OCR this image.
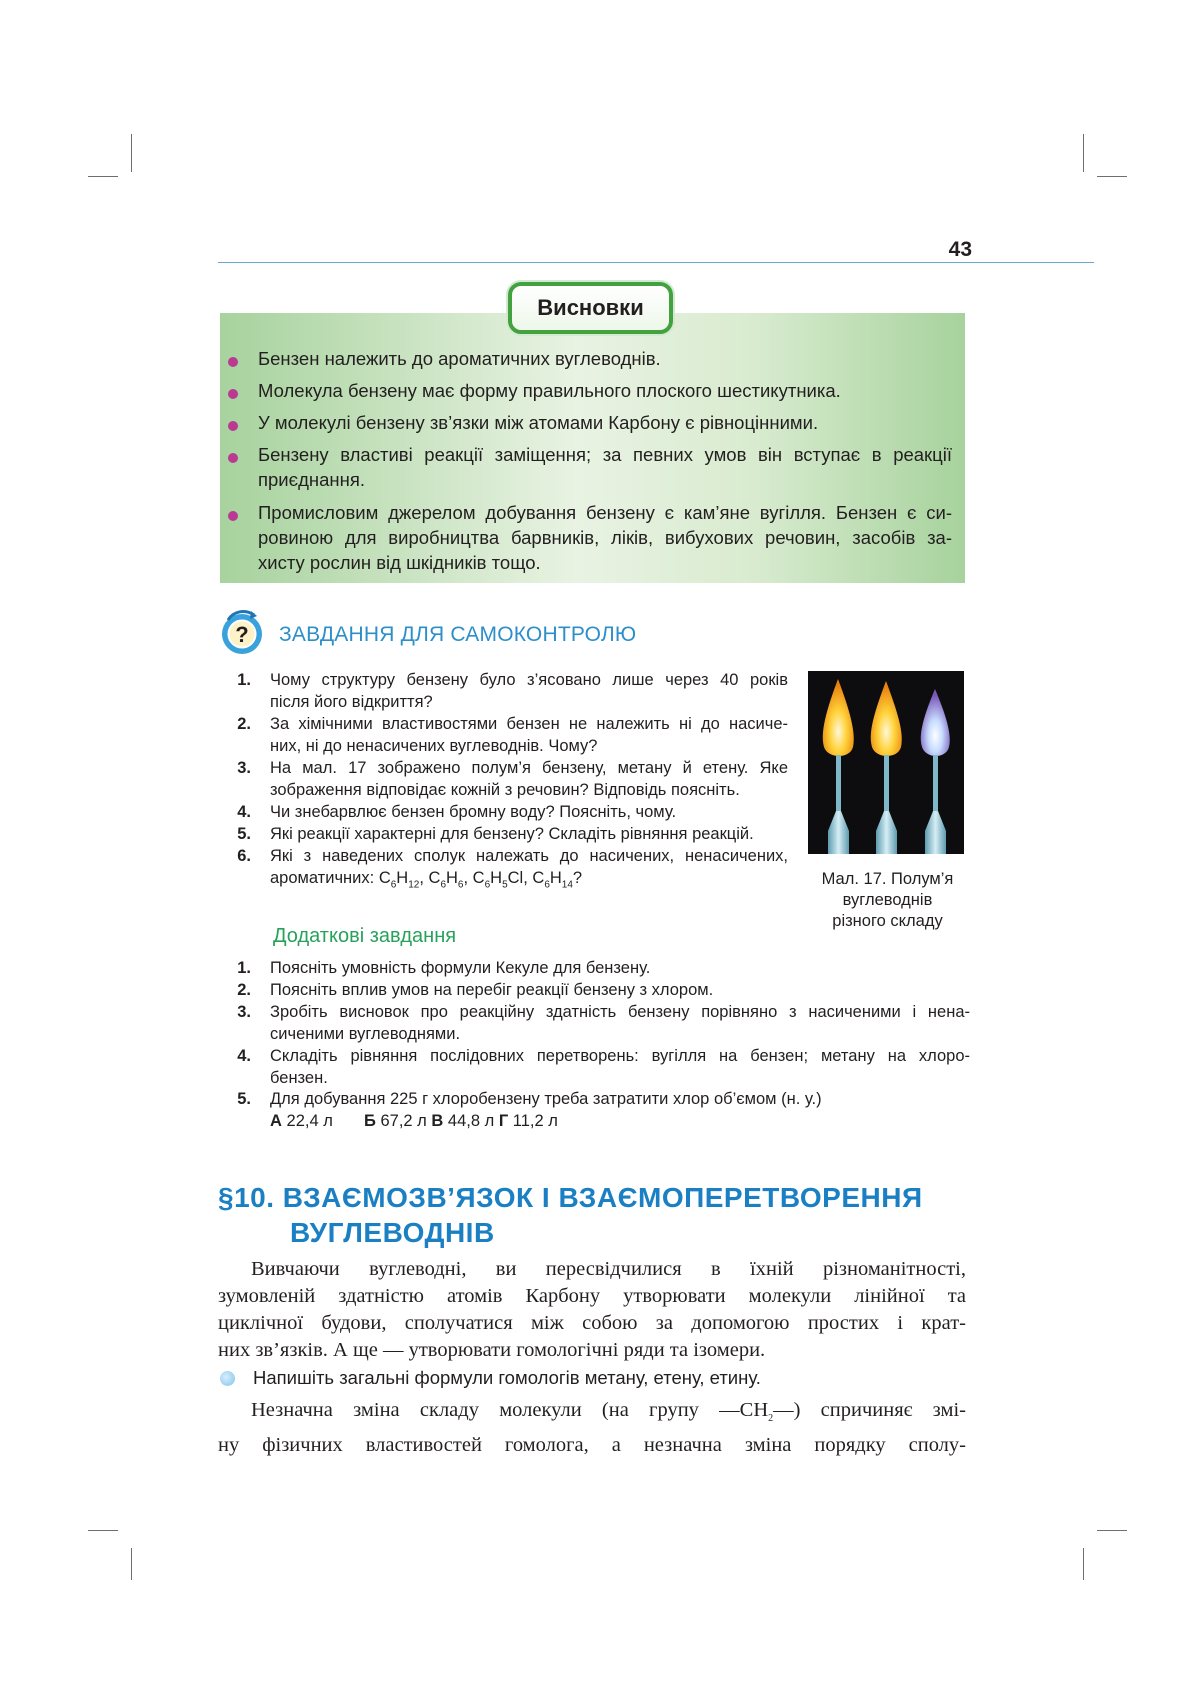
43
Висновки
Бензен належить до ароматичних вуглеводнів.
Молекула бензену має форму правильного плоского шестикутника.
У молекулі бензену зв’язки між атомами Карбону є рівноцінними.
Бензену властиві реакції заміщення; за певних умов він вступає в реакції
приєднання.
Промисловим джерелом добування бензену є кам’яне вугілля. Бензен є си-
ровиною для виробництва барвників, ліків, вибухових речовин, засобів за-
хисту рослин від шкідників тощо.
? ЗАВДАННЯ ДЛЯ САМОКОНТРОЛЮ
1. Чому структуру бензену було з’ясовано лише через 40 років
після його відкриття?
2. За хімічними властивостями бензен не належить ні до насиче-
них, ні до ненасичених вуглеводнів. Чому?
3. На мал. 17 зображено полум’я бензену, метану й етену. Яке
зображення відповідає кожній з речовин? Відповідь поясніть.
4. Чи знебарвлює бензен бромну воду? Поясніть, чому.
5. Які реакції характерні для бензену? Складіть рівняння реакцій.
6. Які з наведених сполук належать до насичених, ненасичених,
ароматичних: $C_6H_{12}$, $C_6H_6$, $C_6H_5Cl$, $C_6H_{14}$?	Мал. 17. Полум’я
вуглеводнів
різного складу
Додаткові завдання
1. Поясніть умовність формули Кекуле для бензену.
2. Поясніть вплив умов на перебіг реакції бензену з хлором.
3. Зробіть висновок про реакційну здатність бензену порівняно з насиченими і нена-
сиченими вуглеводнями.
4. Складіть рівняння послідовних перетворень: вугілля на бензен; метану на хлоро-
бензен.
5. Для добування 225 г хлоробензену треба затратити хлор об’ємом (н. у.)
А 22,4 л Б 67,2 л В 44,8 л Г 11,2 л
§10. ВЗАЄМОЗВ’ЯЗОК І ВЗАЄМОПЕРЕТВОРЕННЯ
ВУГЛЕВОДНІВ
Вивчаючи вуглеводні, ви пересвідчилися в їхній різноманітності,
зумовленій здатністю атомів Карбону утворювати молекули лінійної та
циклічної будови, сполучатися між собою за допомогою простих і крат-
них зв’язків. А ще — утворювати гомологічні ряди та ізомери.
Напишіть загальні формули гомологів метану, етену, етину.
Незначна зміна складу молекули (на групу $—CH_2—$) спричиняє змі-
ну фізичних властивостей гомолога, а незначна зміна порядку сполу-
